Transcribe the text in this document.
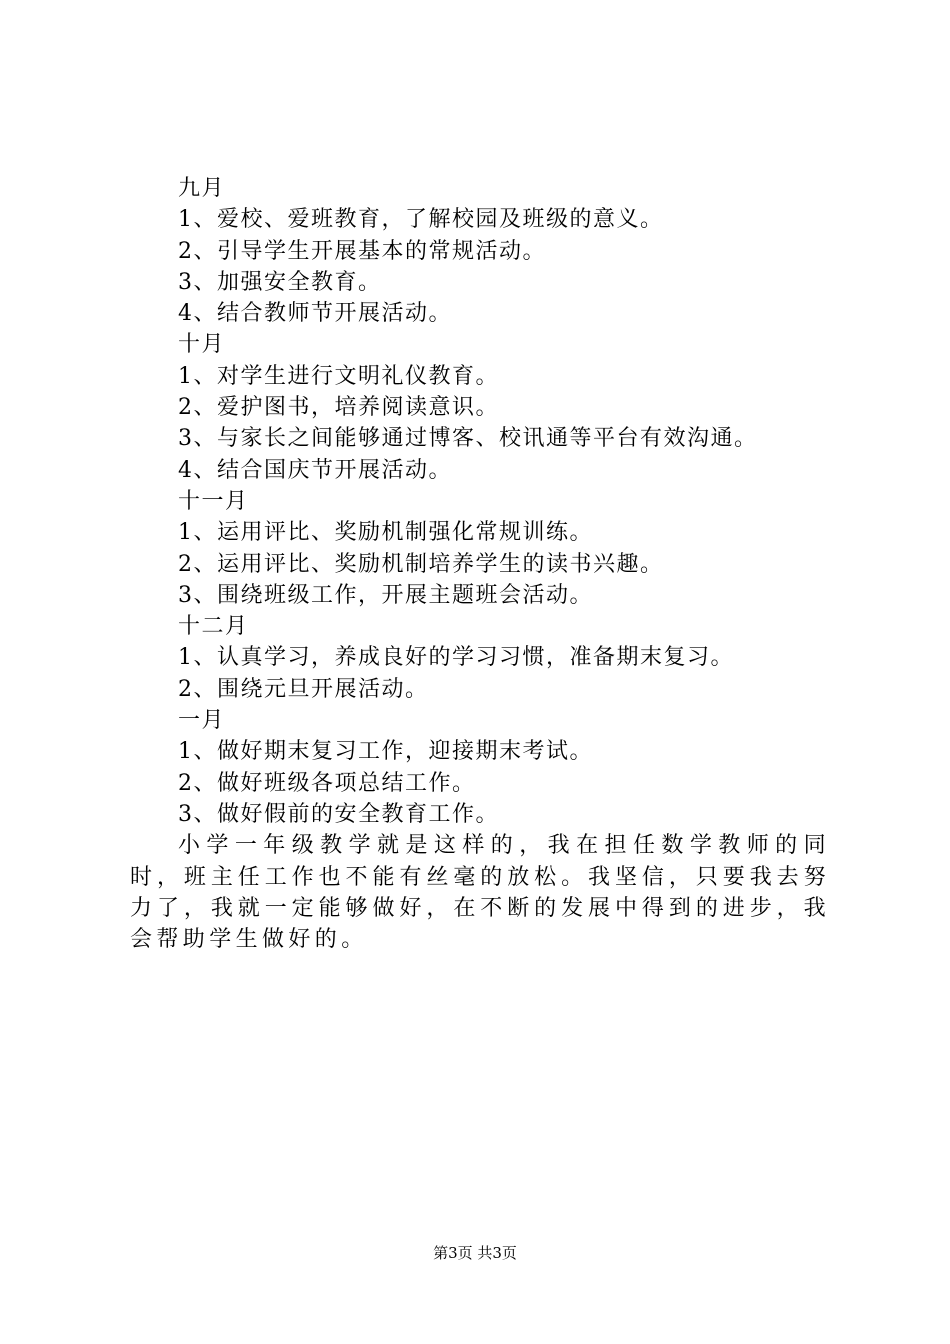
九月
1、爱校、爱班教育，了解校园及班级的意义。
2、引导学生开展基本的常规活动。
3、加强安全教育。
4、结合教师节开展活动。
十月
1、对学生进行文明礼仪教育。
2、爱护图书，培养阅读意识。
3、与家长之间能够通过博客、校讯通等平台有效沟通。
4、结合国庆节开展活动。
十一月
1、运用评比、奖励机制强化常规训练。
2、运用评比、奖励机制培养学生的读书兴趣。
3、围绕班级工作，开展主题班会活动。
十二月
1、认真学习，养成良好的学习习惯，准备期末复习。
2、围绕元旦开展活动。
一月
1、做好期末复习工作，迎接期末考试。
2、做好班级各项总结工作。
3、做好假前的安全教育工作。

小学一年级教学就是这样的，我在担任数学教师的同时，班主任工作也不能有丝毫的放松。我坚信，只要我去努力了，我就一定能够做好，在不断的发展中得到的进步，我会帮助学生做好的。

第3页 共3页
